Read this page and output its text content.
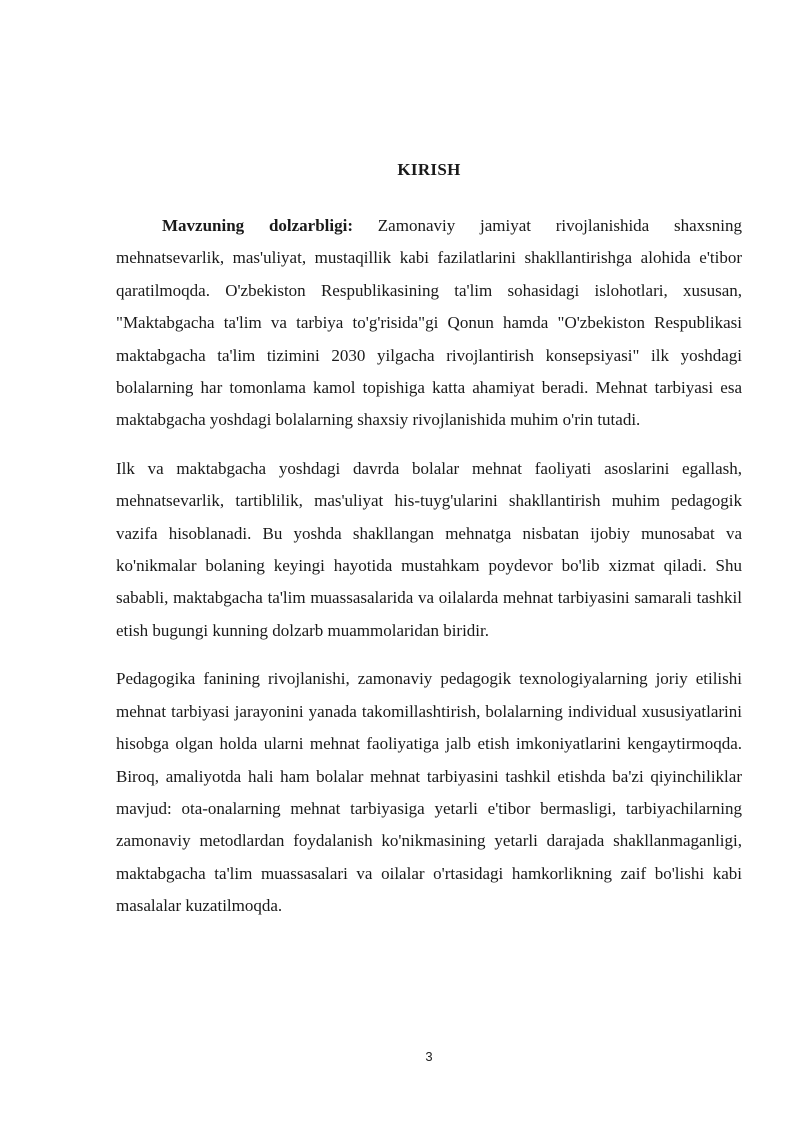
KIRISH

Mavzuning dolzarbligi: Zamonaviy jamiyat rivojlanishida shaxsning mehnatsevarlik, mas'uliyat, mustaqillik kabi fazilatlarini shakllantirishga alohida e'tibor qaratilmoqda. O'zbekiston Respublikasining ta'lim sohasidagi islohotlari, xususan, "Maktabgacha ta'lim va tarbiya to'g'risida"gi Qonun hamda "O'zbekiston Respublikasi maktabgacha ta'lim tizimini 2030 yilgacha rivojlantirish konsepsiyasi" ilk yoshdagi bolalarning har tomonlama kamol topishiga katta ahamiyat beradi. Mehnat tarbiyasi esa maktabgacha yoshdagi bolalarning shaxsiy rivojlanishida muhim o'rin tutadi.

Ilk va maktabgacha yoshdagi davrda bolalar mehnat faoliyati asoslarini egallash, mehnatsevarlik, tartiblilik, mas'uliyat his-tuyg'ularini shakllantirish muhim pedagogik vazifa hisoblanadi. Bu yoshda shakllangan mehnatga nisbatan ijobiy munosabat va ko'nikmalar bolaning keyingi hayotida mustahkam poydevor bo'lib xizmat qiladi. Shu sababli, maktabgacha ta'lim muassasalarida va oilalarda mehnat tarbiyasini samarali tashkil etish bugungi kunning dolzarb muammolaridan biridir.

Pedagogika fanining rivojlanishi, zamonaviy pedagogik texnologiyalarning joriy etilishi mehnat tarbiyasi jarayonini yanada takomillashtirish, bolalarning individual xususiyatlarini hisobga olgan holda ularni mehnat faoliyatiga jalb etish imkoniyatlarini kengaytirmoqda. Biroq, amaliyotda hali ham bolalar mehnat tarbiyasini tashkil etishda ba'zi qiyinchiliklar mavjud: ota-onalarning mehnat tarbiyasiga yetarli e'tibor bermasligi, tarbiyachilarning zamonaviy metodlardan foydalanish ko'nikmasining yetarli darajada shakllanmaganligi, maktabgacha ta'lim muassasalari va oilalar o'rtasidagi hamkorlikning zaif bo'lishi kabi masalalar kuzatilmoqda.

3
